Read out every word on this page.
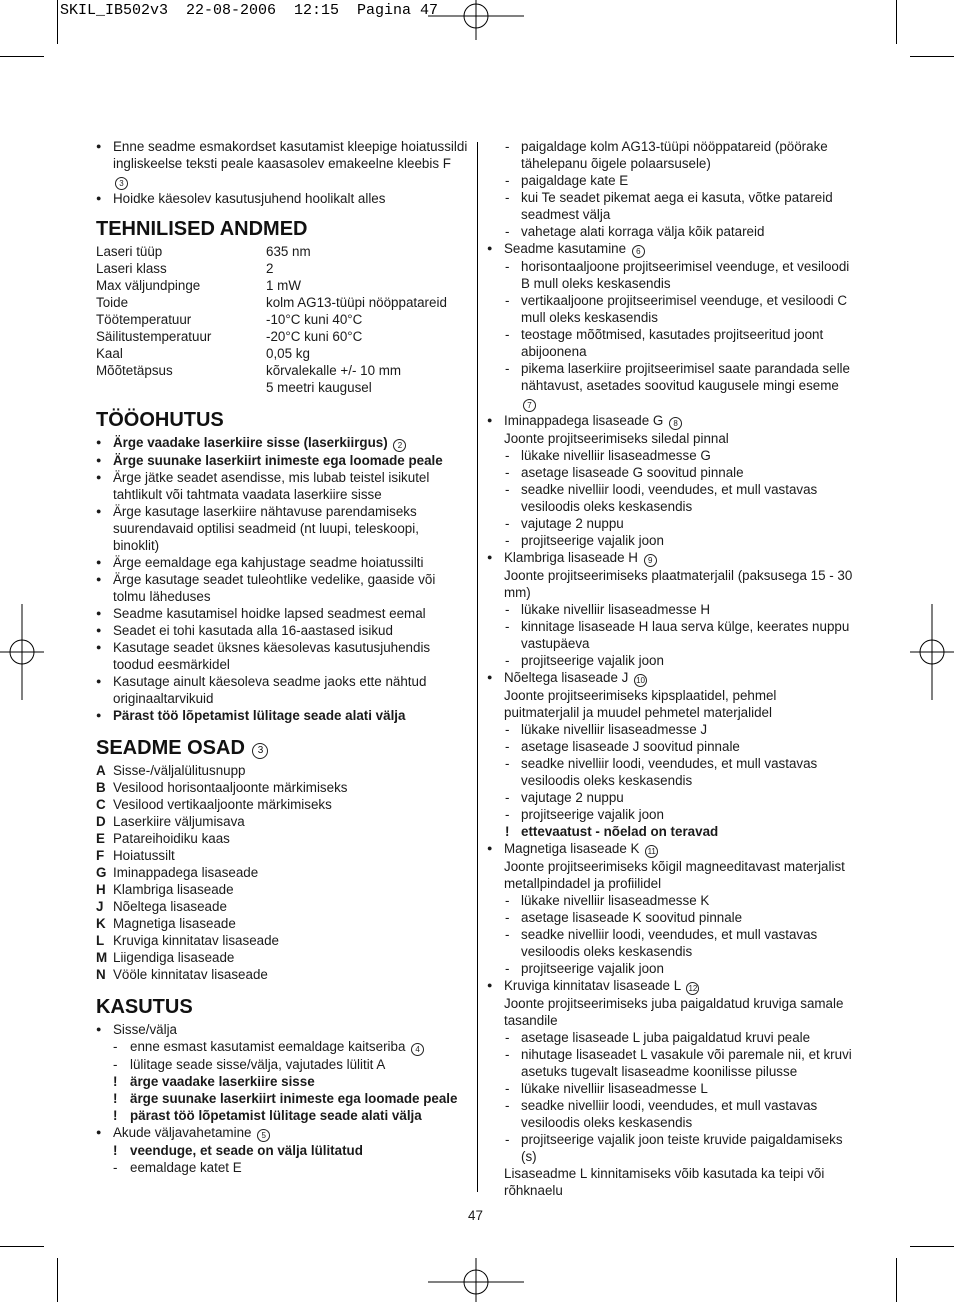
SKIL_IB502v3  22-08-2006  12:15  Pagina 47
● Enne seadme esmakordset kasutamist kleepige hoiatussildi ingliskeelse teksti peale kaasasolev emakeelne kleebis F 3
● Hoidke käesolev kasutusjuhend hoolikalt alles
TEHNILISED ANDMED
Laseri tüüp	635 nm
Laseri klass	2
Max väljundpinge	1 mW
Toide	kolm AG13-tüüpi nööppatareid
Töötemperatuur	-10°C kuni 40°C
Säilitustemperatuur	-20°C kuni 60°C
Kaal	0,05 kg
Mõõtetäpsus	kõrvalekalle +/- 10 mm
5 meetri kaugusel
TÖÖOHUTUS
● Ärge vaadake laserkiire sisse (laserkiirgus) 2
● Ärge suunake laserkiirt inimeste ega loomade peale
● Ärge jätke seadet asendisse, mis lubab teistel isikutel tahtlikult või tahtmata vaadata laserkiire sisse
● Ärge kasutage laserkiire nähtavuse parendamiseks suurendavaid optilisi seadmeid (nt luupi, teleskoopi, binoklit)
● Ärge eemaldage ega kahjustage seadme hoiatussilti
● Ärge kasutage seadet tuleohtlike vedelike, gaaside või tolmu läheduses
● Seadme kasutamisel hoidke lapsed seadmest eemal
● Seadet ei tohi kasutada alla 16-aastased isikud
● Kasutage seadet üksnes käesolevas kasutusjuhendis toodud eesmärkidel
● Kasutage ainult käesoleva seadme jaoks ette nähtud originaaltarvikuid
● Pärast töö lõpetamist lülitage seade alati välja
SEADME OSAD 3
A Sisse-/väljalülitusnupp
B Vesilood horisontaaljoonte märkimiseks
C Vesilood vertikaaljoonte märkimiseks
D Laserkiire väljumisava
E Patareihoidiku kaas
F Hoiatussilt
G Iminappadega lisaseade
H Klambriga lisaseade
J Nõeltega lisaseade
K Magnetiga lisaseade
L Kruviga kinnitatav lisaseade
M Liigendiga lisaseade
N Vööle kinnitatav lisaseade
KASUTUS
● Sisse/välja
- enne esmast kasutamist eemaldage kaitseriba 4
- lülitage seade sisse/välja, vajutades lülitit A
! ärge vaadake laserkiire sisse
! ärge suunake laserkiirt inimeste ega loomade peale
! pärast töö lõpetamist lülitage seade alati välja
● Akude väljavahetamine 5
! veenduge, et seade on välja lülitatud
- eemaldage katet E
- paigaldage kolm AG13-tüüpi nööppatareid (pöörake tähelepanu õigele polaarsusele)
- paigaldage kate E
- kui Te seadet pikemat aega ei kasuta, võtke patareid seadmest välja
- vahetage alati korraga välja kõik patareid
● Seadme kasutamine 6
- horisontaaljoone projitseerimisel veenduge, et vesiloodi B mull oleks keskasendis
- vertikaaljoone projitseerimisel veenduge, et vesiloodi C mull oleks keskasendis
- teostage mõõtmised, kasutades projitseeritud joont abijoonena
- pikema laserkiire projitseerimisel saate parandada selle nähtavust, asetades soovitud kaugusele mingi eseme 7
● Iminappadega lisaseade G 8
Joonte projitseerimiseks siledal pinnal
- lükake nivelliir lisaseadmesse G
- asetage lisaseade G soovitud pinnale
- seadke nivelliir loodi, veendudes, et mull vastavas vesiloodis oleks keskasendis
- vajutage 2 nuppu
- projitseerige vajalik joon
● Klambriga lisaseade H 9
Joonte projitseerimiseks plaatmaterjalil (paksusega 15 - 30 mm)
- lükake nivelliir lisaseadmesse H
- kinnitage lisaseade H laua serva külge, keerates nuppu vastupäeva
- projitseerige vajalik joon
● Nõeltega lisaseade J 10
Joonte projitseerimiseks kipsplaatidel, pehmel puitmaterjalil ja muudel pehmetel materjalidel
- lükake nivelliir lisaseadmesse J
- asetage lisaseade J soovitud pinnale
- seadke nivelliir loodi, veendudes, et mull vastavas vesiloodis oleks keskasendis
- vajutage 2 nuppu
- projitseerige vajalik joon
! ettevaatust - nõelad on teravad
● Magnetiga lisaseade K 11
Joonte projitseerimiseks kõigil magneeditavast materjalist metallpindadel ja profiilidel
- lükake nivelliir lisaseadmesse K
- asetage lisaseade K soovitud pinnale
- seadke nivelliir loodi, veendudes, et mull vastavas vesiloodis oleks keskasendis
- projitseerige vajalik joon
● Kruviga kinnitatav lisaseade L 12
Joonte projitseerimiseks juba paigaldatud kruviga samale tasandile
- asetage lisaseade L juba paigaldatud kruvi peale
- nihutage lisaseadet L vasakule või paremale nii, et kruvi asetuks tugevalt lisaseadme koonilisse pilusse
- lükake nivelliir lisaseadmesse L
- seadke nivelliir loodi, veendudes, et mull vastavas vesiloodis oleks keskasendis
- projitseerige vajalik joon teiste kruvide paigaldamiseks (s)
Lisaseadme L kinnitamiseks võib kasutada ka teipi või rõhknaelu
47
